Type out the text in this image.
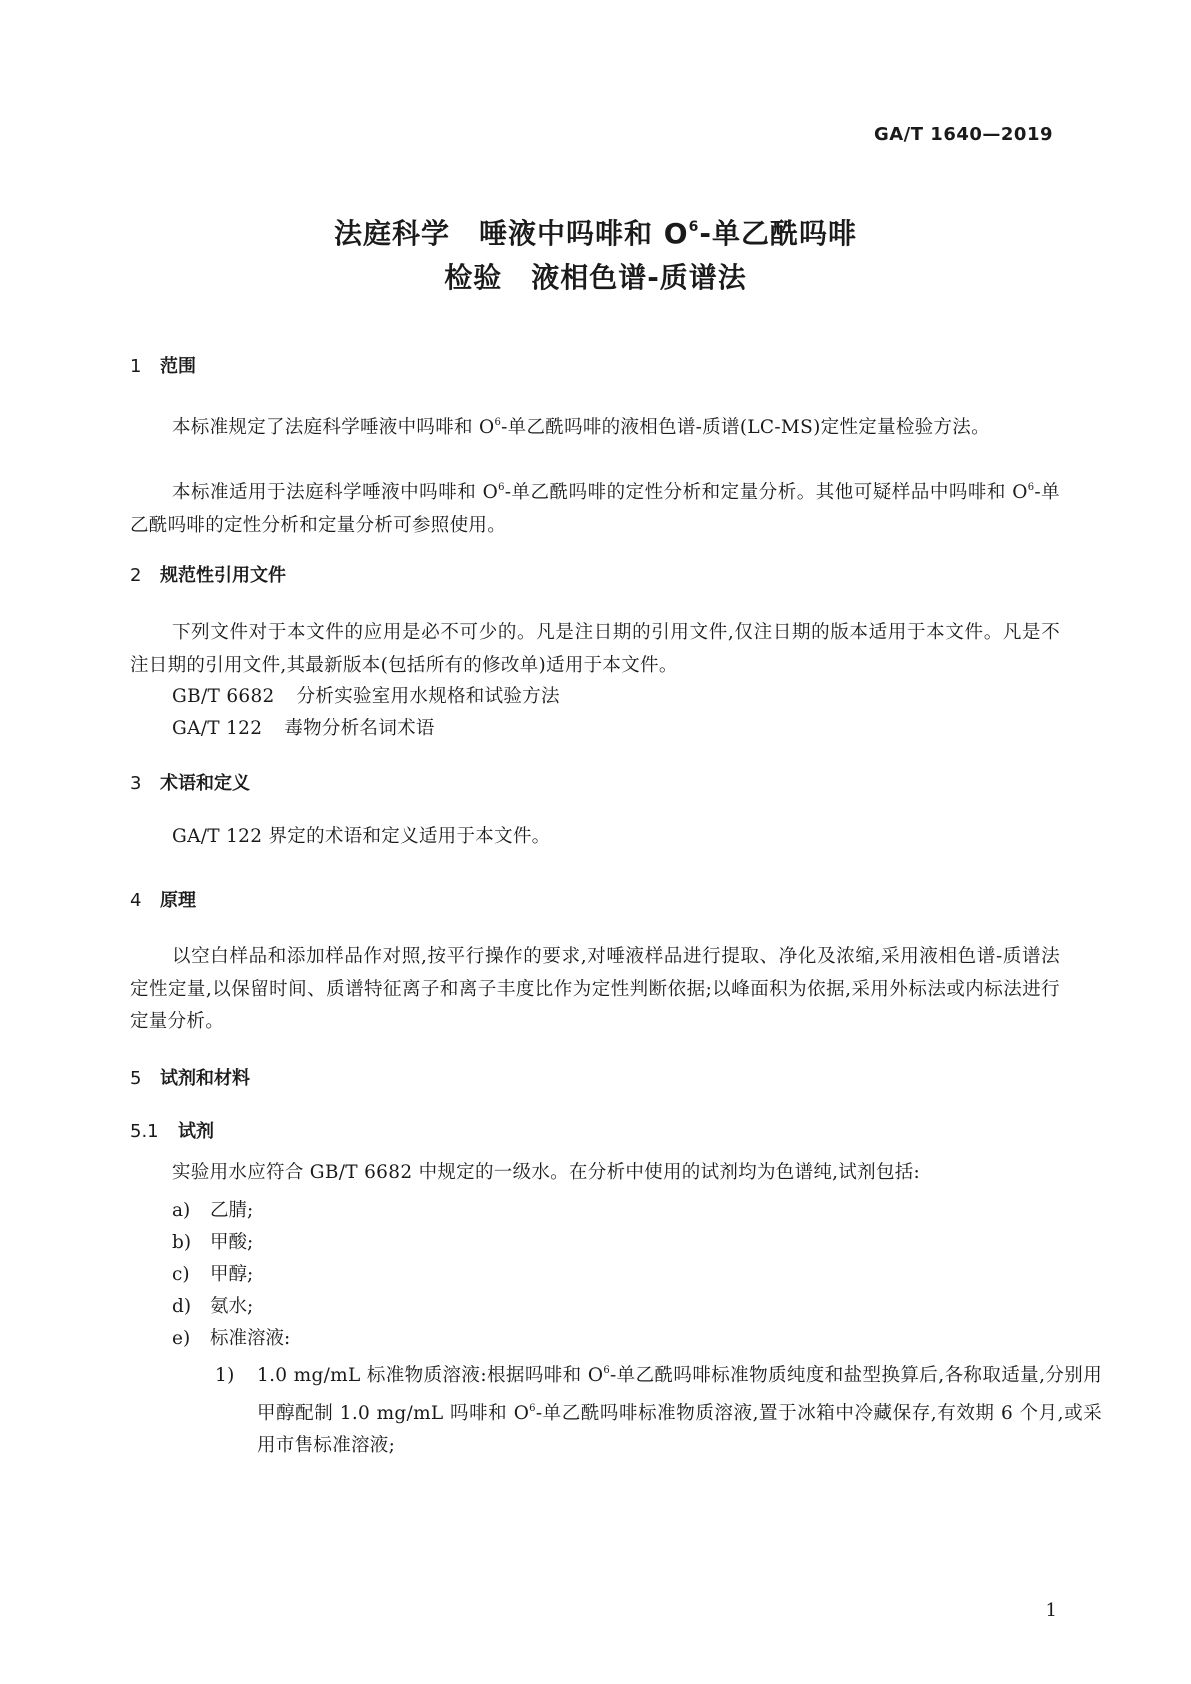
GA/T 1640—2019
法庭科学　唾液中吗啡和 $O^6-$单乙酰吗啡
检验　液相色谱-质谱法
1 范围
本标准规定了法庭科学唾液中吗啡和 $O^6-$单乙酰吗啡的液相色谱-质谱(LC-MS)定性定量检验方法。
本标准适用于法庭科学唾液中吗啡和 $O^6-$单乙酰吗啡的定性分析和定量分析。其他可疑样品中吗啡和 $O^6-$单乙酰吗啡的定性分析和定量分析可参照使用。
2 规范性引用文件
下列文件对于本文件的应用是必不可少的。凡是注日期的引用文件,仅注日期的版本适用于本文件。凡是不注日期的引用文件,其最新版本(包括所有的修改单)适用于本文件。
GB/T 6682 分析实验室用水规格和试验方法
GA/T 122 毒物分析名词术语
3 术语和定义
GA/T 122 界定的术语和定义适用于本文件。
4 原理
以空白样品和添加样品作对照,按平行操作的要求,对唾液样品进行提取、净化及浓缩,采用液相色谱-质谱法定性定量,以保留时间、质谱特征离子和离子丰度比作为定性判断依据;以峰面积为依据,采用外标法或内标法进行定量分析。
5 试剂和材料
5.1 试剂
实验用水应符合 GB/T 6682 中规定的一级水。在分析中使用的试剂均为色谱纯,试剂包括:
a) 乙腈;
b) 甲酸;
c) 甲醇;
d) 氨水;
e) 标准溶液:
1) 1.0 mg/mL 标准物质溶液:根据吗啡和 $O^6-$单乙酰吗啡标准物质纯度和盐型换算后,各称取适量,分别用甲醇配制 1.0 mg/mL 吗啡和 $O^6-$单乙酰吗啡标准物质溶液,置于冰箱中冷藏保存,有效期 6 个月,或采用市售标准溶液;
1
